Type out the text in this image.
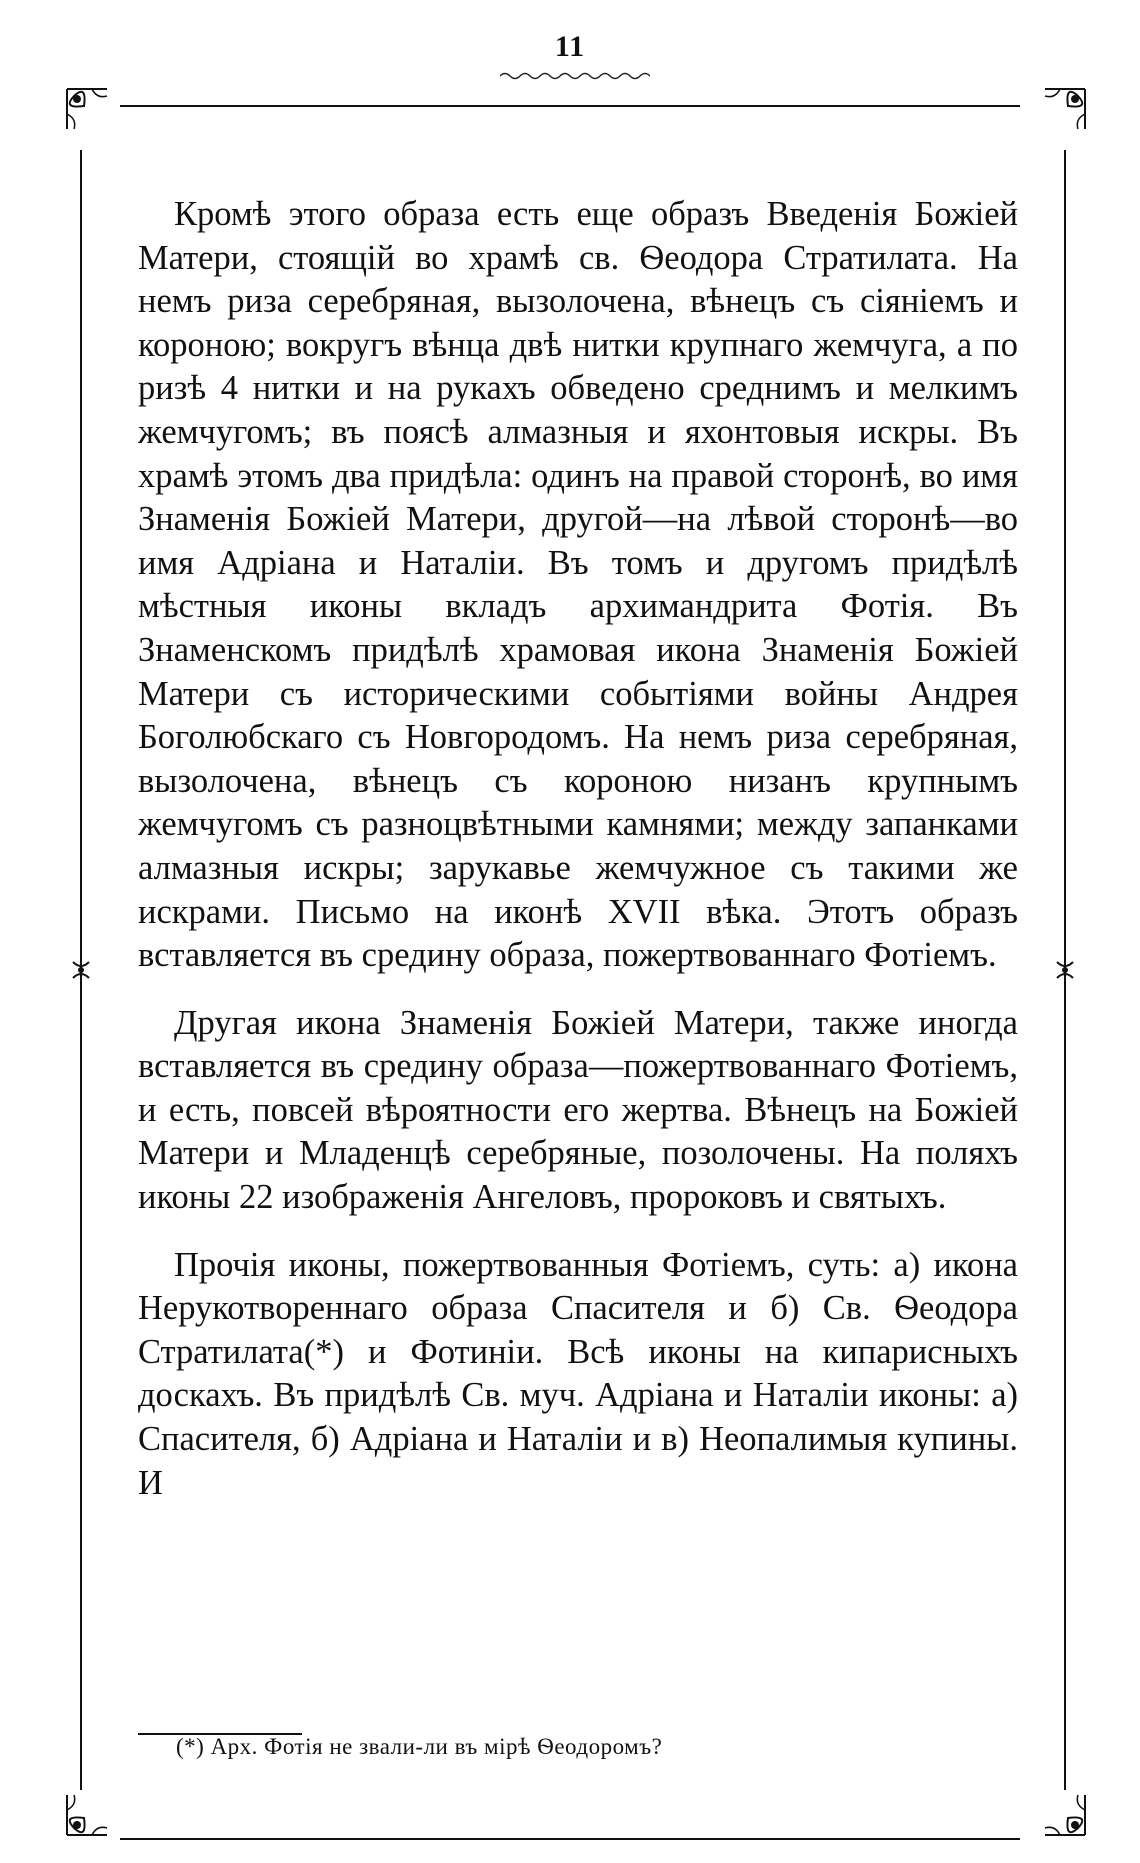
11

Кромѣ этого образа есть еще образъ Введенія Божіей Матери, стоящій во храмѣ св. Ѳеодора Стратилата. На немъ риза серебряная, вызолочена, вѣнецъ съ сіяніемъ и короною; вокругъ вѣнца двѣ нитки крупнаго жемчуга, а по ризѣ 4 нитки и на рукахъ обведено среднимъ и мелкимъ жемчугомъ; въ поясѣ алмазныя и яхонтовыя искры. Въ храмѣ этомъ два придѣла: одинъ на правой сторонѣ, во имя Знаменія Божіей Матери, другой—на лѣвой сторонѣ—во имя Адріана и Наталіи. Въ томъ и другомъ придѣлѣ мѣстныя иконы вкладъ архимандрита Фотія. Въ Знаменскомъ придѣлѣ храмовая икона Знаменія Божіей Матери съ историческими событіями войны Андрея Боголюбскаго съ Новгородомъ. На немъ риза серебряная, вызолочена, вѣнецъ съ короною низанъ крупнымъ жемчугомъ съ разноцвѣтными камнями; между запанками алмазныя искры; зарукавье жемчужное съ такими же искрами. Письмо на иконѣ XVII вѣка. Этотъ образъ вставляется въ средину образа, пожертвованнаго Фотіемъ.

Другая икона Знаменія Божіей Матери, также иногда вставляется въ средину образа—пожертвованнаго Фотіемъ, и есть, повсей вѣроятности его жертва. Вѣнецъ на Божіей Матери и Младенцѣ серебряные, позолочены. На поляхъ иконы 22 изображенія Ангеловъ, пророковъ и святыхъ.

Прочія иконы, пожертвованныя Фотіемъ, суть: а) икона Нерукотвореннаго образа Спасителя и б) Св. Ѳеодора Стратилата(*) и Фотиніи. Всѣ иконы на кипарисныхъ доскахъ. Въ придѣлѣ Св. муч. Адріана и Наталіи иконы: а) Спасителя, б) Адріана и Наталіи и в) Неопалимыя купины. И

(*) Арх. Фотія не звали-ли въ мірѣ Ѳеодоромъ?
